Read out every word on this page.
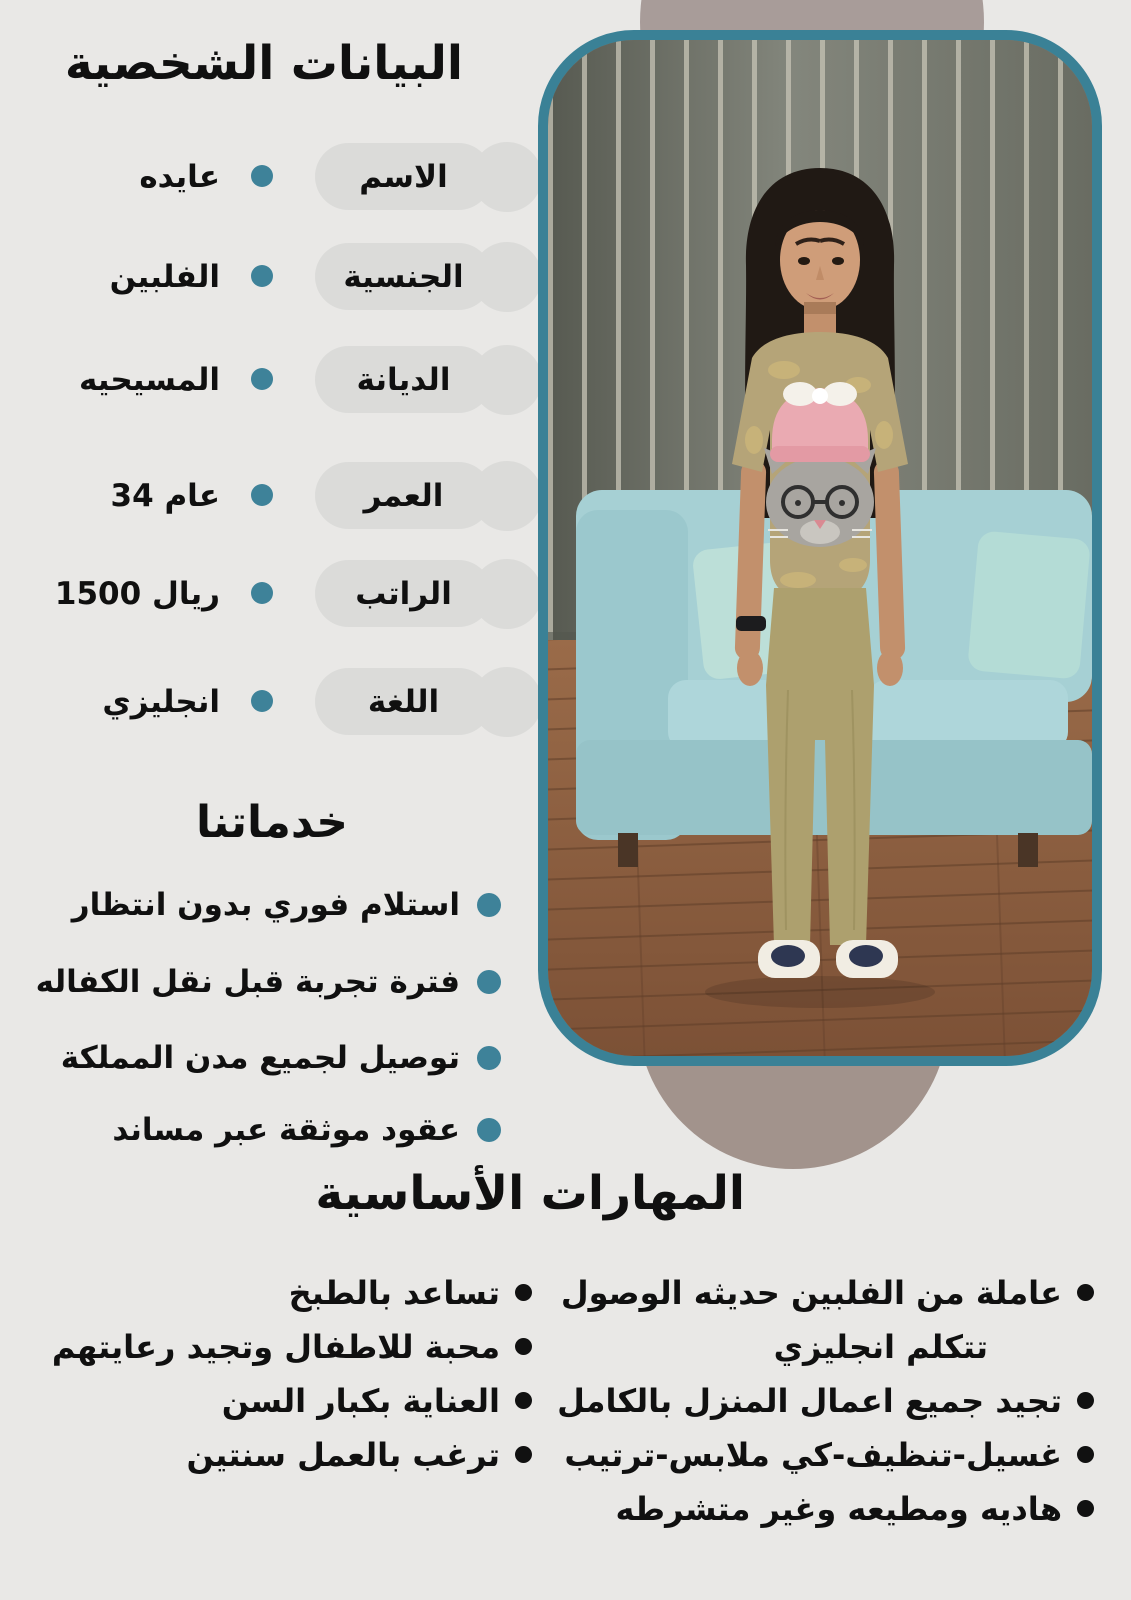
البيانات الشخصية
الاسم
عايده
الجنسية
الفلبين
الديانة
المسيحيه
العمر
34 عام
الراتب
1500 ريال
اللغة
انجليزي
خدماتنا
استلام فوري بدون انتظار
فترة تجربة قبل نقل الكفاله
توصيل لجميع مدن المملكة
عقود موثقة عبر مساند
المهارات الأساسية
عاملة من الفلبين حديثه الوصول
تتكلم انجليزي
تجيد جميع اعمال المنزل بالكامل
غسيل-تنظيف-كي ملابس-ترتيب
هاديه ومطيعه وغير متشرطه
تساعد بالطبخ
محبة للاطفال وتجيد رعايتهم
العناية بكبار السن
ترغب بالعمل سنتين
